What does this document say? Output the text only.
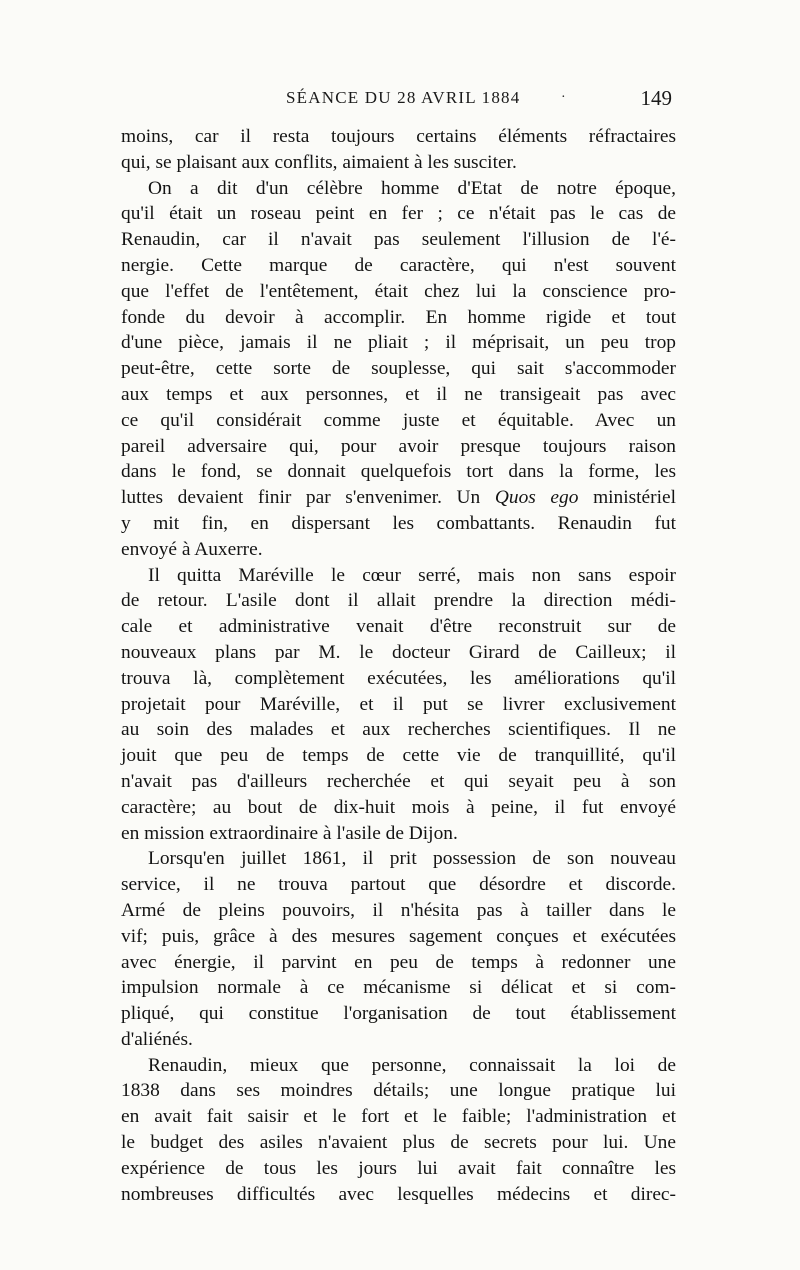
SÉANCE DU 28 AVRIL 1884	·	149
moins, car il resta toujours certains éléments réfractaires
qui, se plaisant aux conflits, aimaient à les susciter.
On a dit d'un célèbre homme d'Etat de notre époque,
qu'il était un roseau peint en fer ; ce n'était pas le cas de
Renaudin, car il n'avait pas seulement l'illusion de l'é-
nergie. Cette marque de caractère, qui n'est souvent
que l'effet de l'entêtement, était chez lui la conscience pro-
fonde du devoir à accomplir. En homme rigide et tout
d'une pièce, jamais il ne pliait ; il méprisait, un peu trop
peut-être, cette sorte de souplesse, qui sait s'accommoder
aux temps et aux personnes, et il ne transigeait pas avec
ce qu'il considérait comme juste et équitable. Avec un
pareil adversaire qui, pour avoir presque toujours raison
dans le fond, se donnait quelquefois tort dans la forme, les
luttes devaient finir par s'envenimer. Un Quos ego ministériel
y mit fin, en dispersant les combattants. Renaudin fut
envoyé à Auxerre.
Il quitta Maréville le cœur serré, mais non sans espoir
de retour. L'asile dont il allait prendre la direction médi-
cale et administrative venait d'être reconstruit sur de
nouveaux plans par M. le docteur Girard de Cailleux; il
trouva là, complètement exécutées, les améliorations qu'il
projetait pour Maréville, et il put se livrer exclusivement
au soin des malades et aux recherches scientifiques. Il ne
jouit que peu de temps de cette vie de tranquillité, qu'il
n'avait pas d'ailleurs recherchée et qui seyait peu à son
caractère; au bout de dix-huit mois à peine, il fut envoyé
en mission extraordinaire à l'asile de Dijon.
Lorsqu'en juillet 1861, il prit possession de son nouveau
service, il ne trouva partout que désordre et discorde.
Armé de pleins pouvoirs, il n'hésita pas à tailler dans le
vif; puis, grâce à des mesures sagement conçues et exécutées
avec énergie, il parvint en peu de temps à redonner une
impulsion normale à ce mécanisme si délicat et si com-
pliqué, qui constitue l'organisation de tout établissement
d'aliénés.
Renaudin, mieux que personne, connaissait la loi de
1838 dans ses moindres détails; une longue pratique lui
en avait fait saisir et le fort et le faible; l'administration et
le budget des asiles n'avaient plus de secrets pour lui. Une
expérience de tous les jours lui avait fait connaître les
nombreuses difficultés avec lesquelles médecins et direc-
